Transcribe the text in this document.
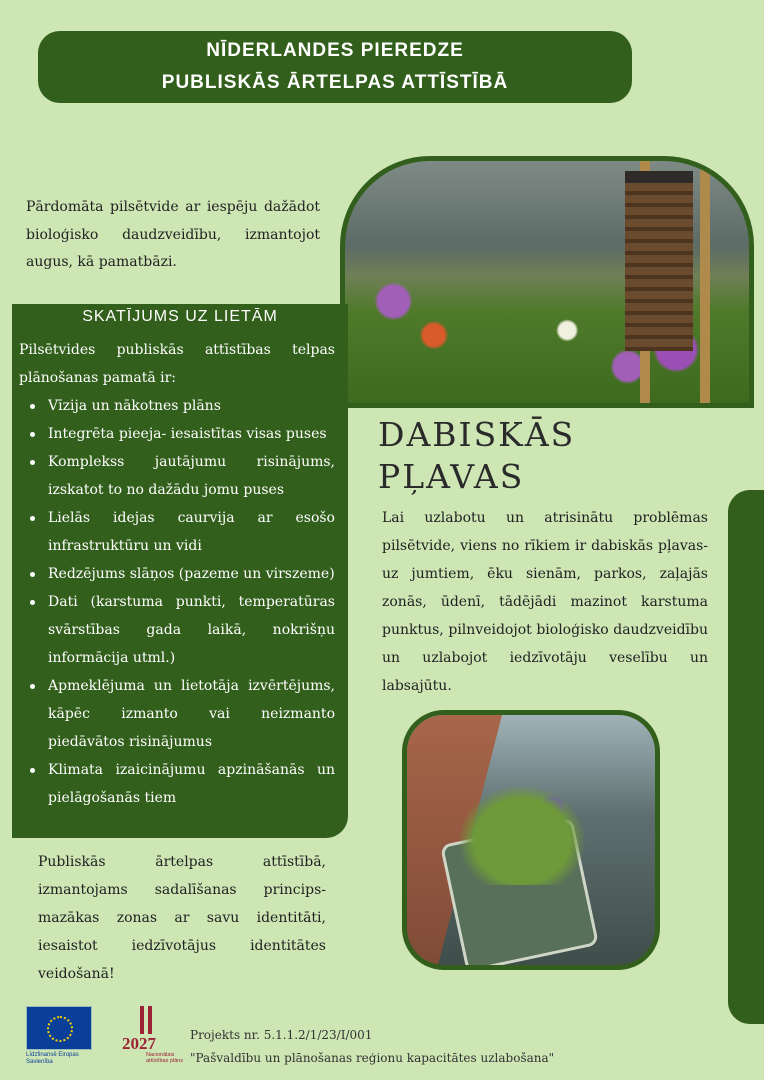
NĪDERLANDES PIEREDZE
PUBLISKĀS ĀRTELPAS ATTĪSTĪBĀ

Pārdomāta pilsētvide ar iespēju dažādot bioloģisko daudzveidību, izmantojot augus, kā pamatbāzi.

SKATĪJUMS UZ LIETĀM
Pilsētvides publiskās attīstības telpas
plānošanas pamatā ir:
Vīzija un nākotnes plāns
Integrēta pieeja- iesaistītas visas puses
Komplekss jautājumu risinājums, izskatot to no dažādu jomu puses
Lielās idejas caurvija ar esošo infrastruktūru un vidi
Redzējums slāņos (pazeme un virszeme)
Dati (karstuma punkti, temperatūras svārstības gada laikā, nokrišņu informācija utml.)
Apmeklējuma un lietotāja izvērtējums, kāpēc izmanto vai neizmanto piedāvātos risinājumus
Klimata izaicinājumu apzināšanās un pielāgošanās tiem
DABISKĀS
PĻAVAS

Lai uzlabotu un atrisinātu problēmas pilsētvide, viens no rīkiem ir dabiskās pļavas- uz jumtiem, ēku sienām, parkos, zaļajās zonās, ūdenī, tādējādi mazinot karstuma punktus, pilnveidojot bioloģisko daudzveidību un uzlabojot iedzīvotāju veselību un labsajūtu.

Publiskās ārtelpas attīstībā, izmantojams sadalīšanas princips- mazākas zonas ar savu identitāti, iesaistot iedzīvotājus identitātes veidošanā!

Līdzfinansē Eiropas Savienība
2027
Nacionālais attīstības plāns
Projekts nr. 5.1.1.2/1/23/I/001
"Pašvaldību un plānošanas reģionu kapacitātes uzlabošana"
